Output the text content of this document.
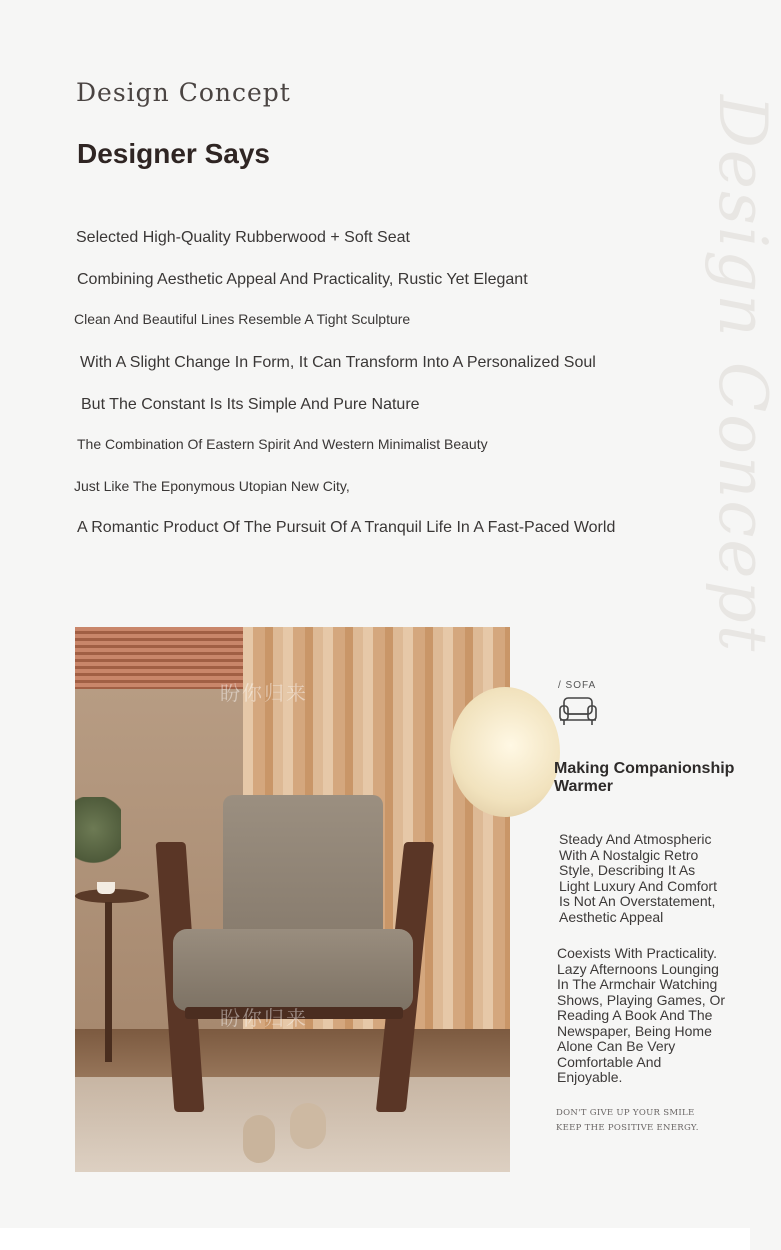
Design Concept
Designer Says	Design Concept
Selected High-Quality Rubberwood + Soft Seat
Combining Aesthetic Appeal And Practicality, Rustic Yet Elegant
Clean And Beautiful Lines Resemble A Tight Sculpture
With A Slight Change In Form, It Can Transform Into A Personalized Soul
But The Constant Is Its Simple And Pure Nature
The Combination Of Eastern Spirit And Western Minimalist Beauty
Just Like The Eponymous Utopian New City,
A Romantic Product Of The Pursuit Of A Tranquil Life In A Fast-Paced World
盼你归来
盼你归来
/ SOFA
Making Companionship Warmer
Steady And Atmospheric With A Nostalgic Retro Style, Describing It As Light Luxury And Comfort Is Not An Overstatement, Aesthetic Appeal
Coexists With Practicality. Lazy Afternoons Lounging In The Armchair Watching Shows, Playing Games, Or Reading A Book And The Newspaper, Being Home Alone Can Be Very Comfortable And Enjoyable.
DON'T GIVE UP YOUR SMILE
KEEP THE POSITIVE ENERGY.
